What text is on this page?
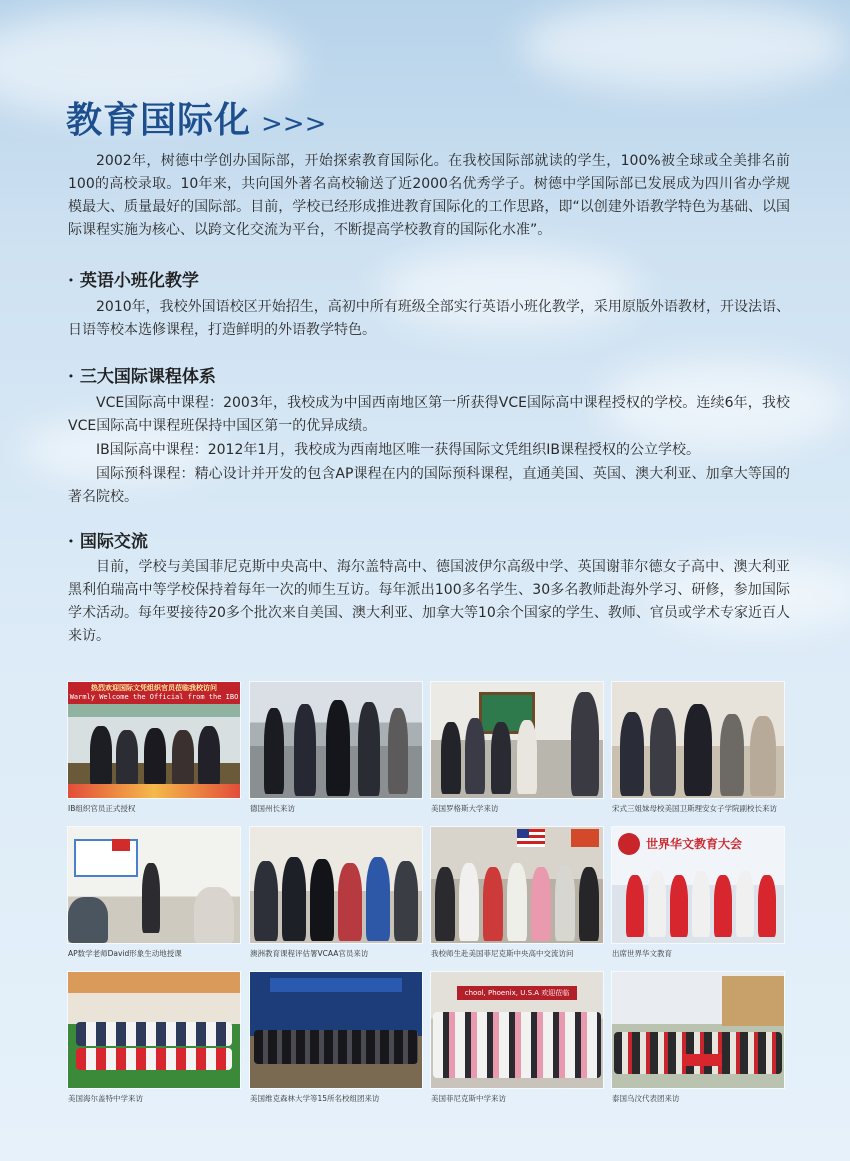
教育国际化 >>>

2002年，树德中学创办国际部，开始探索教育国际化。在我校国际部就读的学生，100%被全球或全美排名前100的高校录取。10年来，共向国外著名高校输送了近2000名优秀学子。树德中学国际部已发展成为四川省办学规模最大、质量最好的国际部。目前，学校已经形成推进教育国际化的工作思路，即“以创建外语教学特色为基础、以国际课程实施为核心、以跨文化交流为平台，不断提高学校教育的国际化水准”。

· 英语小班化教学

2010年，我校外国语校区开始招生，高初中所有班级全部实行英语小班化教学，采用原版外语教材，开设法语、日语等校本选修课程，打造鲜明的外语教学特色。

· 三大国际课程体系

VCE国际高中课程：2003年，我校成为中国西南地区第一所获得VCE国际高中课程授权的学校。连续6年，我校VCE国际高中课程班保持中国区第一的优异成绩。

IB国际高中课程：2012年1月，我校成为西南地区唯一获得国际文凭组织IB课程授权的公立学校。

国际预科课程：精心设计并开发的包含AP课程在内的国际预科课程，直通美国、英国、澳大利亚、加拿大等国的著名院校。

· 国际交流

目前，学校与美国菲尼克斯中央高中、海尔盖特高中、德国波伊尔高级中学、英国谢菲尔德女子高中、澳大利亚黑利伯瑞高中等学校保持着每年一次的师生互访。每年派出100多名学生、30多名教师赴海外学习、研修，参加国际学术活动。每年要接待20多个批次来自美国、澳大利亚、加拿大等10余个国家的学生、教师、官员或学术专家近百人来访。

热烈欢迎国际文凭组织官员莅临我校访问
Warmly Welcome the Official from the IBO
IB组织官员正式授权	德国州长来访	美国罗格斯大学来访	宋式三姐妹母校美国卫斯理安女子学院副校长来访
AP数学老师David形象生动地授课	澳洲教育课程评估署VCAA官员来访	我校师生赴美国菲尼克斯中央高中交流访问
世界华文教育大会
出席世界华文教育
美国海尔盖特中学来访	美国维克森林大学等15所名校组团来访
chool, Phoenix, U.S.A 欢迎莅临
美国菲尼克斯中学来访	泰国乌汶代表团来访
